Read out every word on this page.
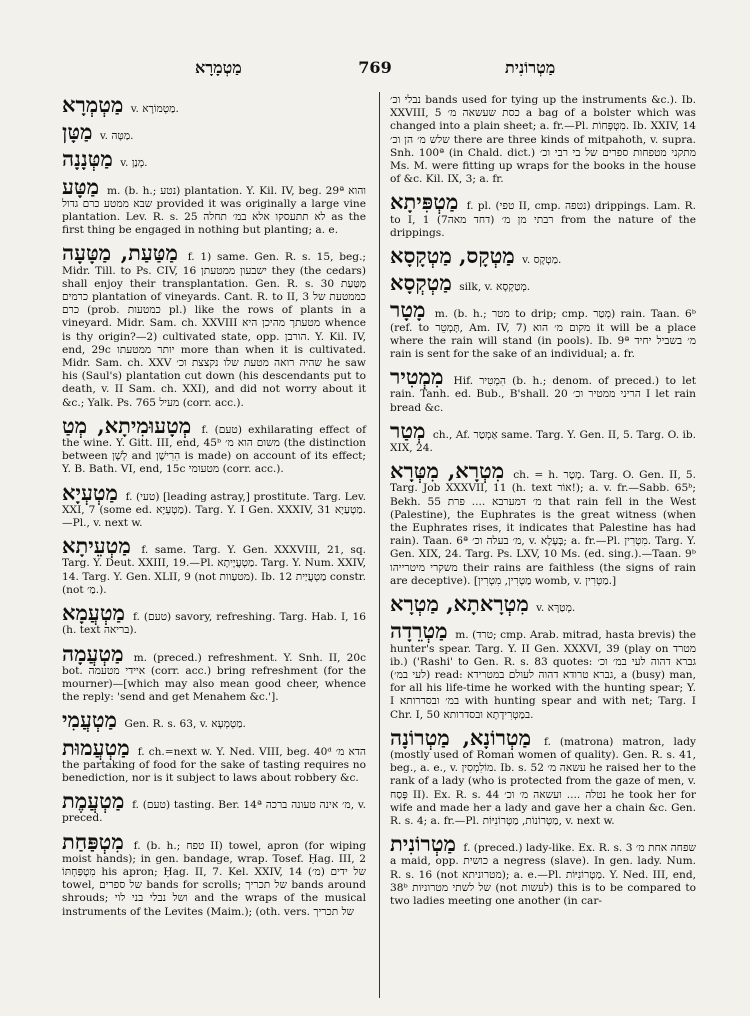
מַטְמָרָא	769	מַטְרוֹנִית

מַטְמְרָא v. מַטְמוֹרָא.

מַטָּן v. מַטָּה.

מַטְּנָנָה v. מְנַן.

מַטָּע m. (b. h.; נטע) plantation. Y. Kil. IV, beg. 29ª והוא שבא ממטע כרם גדול provided it was originally a large vine plantation. Lev. R. s. 25 לא תתעסקו אלא במ׳ תחלה as the first thing be engaged in nothing but planting; a. e.

מַטַּעַת, מַטָּעָה f. 1) same. Gen. R. s. 15, beg.; Midr. Till. to Ps. CIV, 16 ישבעון ממטעתן they (the cedars) shall enjoy their transplantation. Gen. R. s. 30 מַטַּעַת כרמים plantation of vineyards. Cant. R. to II, 3 כממטעת של כרם (prob. כמטעות pl.) like the rows of plants in a vineyard. Midr. Sam. ch. XXVIII מטעתך מהיכן היא whence is thy origin?—2) cultivated state, opp. הורבן. Y. Kil. IV, end, 29c יותר ממטעתו more than when it is cultivated. Midr. Sam. ch. XXV שהיה רואה מטעת שלו נקצצת וכ׳ he saw his (Saul's) plantation cut down (his descendants put to death, v. II Sam. ch. XXI), and did not worry about it &c.; Yalk. Ps. 765 מעיל (corr. acc.).

מְטָעוּמִיתָא, מְטַ f. (טעם) exhilarating effect of the wine. Y. Gitt. III, end, 45ᵇ משום הוא מ׳ (the distinction between לְשָׁן and הִרִישָׁן is made) on account of its effect; Y. B. Bath. VI, end, 15c מטעומי (corr. acc.).

מַטְעְיָא f. (טעי) [leading astray,] prostitute. Targ. Lev. XXI, 7 (some ed. מַטְעְיָא). Targ. Y. I Gen. XXXIV, 31 מַטְעַיָא.—Pl., v. next w.

מַטְעֵיתָא f. same. Targ. Y. Gen. XXXVIII, 21, sq. Targ. Y. Deut. XXIII, 19.—Pl. מַטְעֲיָיתָא. Targ. Y. Num. XXIV, 14. Targ. Y. Gen. XLII, 9 (not מטעַוות). Ib. 12 מַטְעֲיַית constr. (not מַ׳.).

מַטְעֲמָא f. (טעם) savory, refreshing. Targ. Hab. I, 16 (h. text בריאה).

מַטְעֲמָה m. (preced.) refreshment. Y. Snh. II, 20c bot. איידי מטעמה (corr. acc.) bring refreshment (for the mourner)—[which may also mean good cheer, whence the reply: 'send and get Menahem &c.'].

מַטְעֲמִי Gen. R. s. 63, v. מַטְמְעָא.

מַטְעֲמוּת f. ch.=next w. Y. Ned. VIII, beg. 40ᵈ הדא מ׳ the partaking of food for the sake of tasting requires no benediction, nor is it subject to laws about robbery &c.

מַטְעֲמֶת f. (טעם) tasting. Ber. 14ª מ׳ אינה טעונה ברכה, v. preced.

מִטְפַּחַת f. (b. h.; טפח II) towel, apron (for wiping moist hands); in gen. bandage, wrap. Tosef. Ḥag. III, 2 מִטְפַּחְתּוֹ his apron; Ḥag. II, 7. Kel. XXIV, 14 (מ׳) של ידים towel, של ספרים bands for scrolls; של תכריך bands around shrouds; ושל נבלי בני לוי and the wraps of the musical instruments of the Levites (Maim.); (oth. vers. של תכריך

נבלי וכ׳ bands used for tying up the instruments &c.). Ib. XXVIII, 5 כסת שעשאה מ׳ a bag of a bolster which was changed into a plain sheet; a. fr.—Pl. מִטְפָּחוֹת. Ib. XXIV, 14 שלש מ׳ הן וכ׳ there are three kinds of mitpahoth, v. supra. Snh. 100ª (in Chald. dict.) מתקני מטפחות ספרים של בי רבי וכ׳ Ms. M. were fitting up wraps for the books in the house of &c. Kil. IX, 3; a. fr.

מַטְפִּיתָא f. pl. (טפי II, cmp. נטפה) drippings. Lam. R. to I, 1 (7דחד מאה) רבתי מן מ׳ from the nature of the drippings.

מַטְקָס, מַטְקָסָא v. מַטְקָס.

מַטְקְסָא silk, v. מְטַקְסָא.

מָטָר m. (b. h.; מטר to drip; cmp. מְטַר) rain. Taan. 6ᵇ (ref. to תָּמְטֵר, Am. IV, 7) מקום מ׳ הוא it will be a place where the rain will stand (in pools). Ib. 9ª מ׳ בשביל יחיד rain is sent for the sake of an individual; a. fr.

מִמְטִיר Hif. הִמְטִיר (b. h.; denom. of preced.) to let rain. Tanh. ed. Bub., B'shall. 20 הריני ממטיר וכ׳ I let rain bread &c.

מְטַר ch., Af. אַמְטַר same. Targ. Y. Gen. II, 5. Targ. O. ib. XIX, 24.

מִטְרָא, מִטְּרָא ch. = h. מָטָר. Targ. O. Gen. II, 5. Targ. Job XXXVII, 11 (h. text אוֹר!); a. v. fr.—Sabb. 65ᵇ; Bekh. 55 מ׳ דמערבא .... פרת that rain fell in the West (Palestine), the Euphrates is the great witness (when the Euphrates rises, it indicates that Palestine has had rain). Taan. 6ª מ׳ בעלה וכ׳, v. בְּעָלָא; a. fr.—Pl. מִטְרִין. Targ. Y. Gen. XIX, 24. Targ. Ps. LXV, 10 Ms. (ed. sing.).—Taan. 9ᵇ משקרי מיטרייהו their rains are faithless (the signs of rain are deceptive). [מַטְרִין, מִטְרִין womb, v. מַטְרִין.]

מִטְרָאתָא, מַטְרָא v. מְטַרָּא.

מַטְרֵדָה m. (טרד; cmp. Arab. mitrad, hasta brevis) the hunter's spear. Targ. Y. II Gen. XXXVI, 39 (play on מטרד ib.) ('Rashi' to Gen. R. s. 83 quotes: גברא דהוה לעי במ׳ וכ׳ (לעי במ׳) read: גברא טרודא דהוה לעולם במטרידא, a (busy) man, for all his life-time he worked with the hunting spear; Y. I במ׳ ובסדרותא with hunting spear and with net; Targ. I Chr. I, 50 במַטְרִידָתָא ובסדרותא.

מַטְרוֹנָא, מַטְרוֹנָה f. (matrona) matron, lady (mostly used of Roman women of quality). Gen. R. s. 41, beg., a. e., v. מוֹלִמְסִין. Ib. s. 52 עשאה מ׳ he raised her to the rank of a lady (who is protected from the gaze of men, v. פְּסַח II). Ex. R. s. 44 נטלה .... ועשאה מ׳ וכ׳ he took her for wife and made her a lady and gave her a chain &c. Gen. R. s. 4; a. fr.—Pl. מַטְרוֹנוֹת, מַטְרוֹנִיּוֹת, v. next w.

מַטְרוֹנִית f. (preced.) lady-like. Ex. R. s. 3 שפחה אחת מ׳ a maid, opp. כושית a negress (slave). In gen. lady. Num. R. s. 16 (not מטרוניתא); a. e.—Pl. מַטְרוֹנִיּוֹת. Y. Ned. III, end, 38ᵇ של לשתי מטרוניות (not לעשות) this is to be compared to two ladies meeting one another (in car-
